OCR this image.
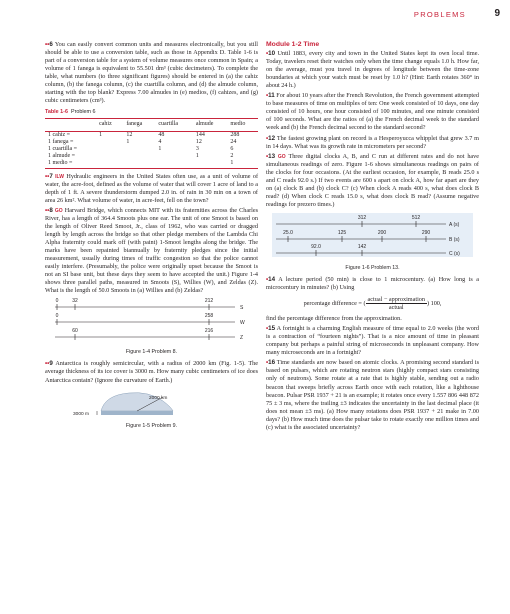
PROBLEMS	9
••6 You can easily convert common units and measures electronically, but you still should be able to use a conversion table, such as those in Appendix D. Table 1-6 is part of a conversion table for a system of volume measures once common in Spain; a volume of 1 fanega is equivalent to 55.501 dm³ (cubic decimeters). To complete the table, what numbers (to three significant figures) should be entered in (a) the cahiz column, (b) the fanega column, (c) the cuartilla column, and (d) the almude column, starting with the top blank? Express 7.00 almudes in (e) medios, (f) cahizes, and (g) cubic centimeters (cm³).
Table 1-6 Problem 6
	cahiz	fanega	cuartilla	almude	medio
1 cahiz =	1	12	48	144	288
1 fanega =		1	4	12	24
1 cuartilla =			1	3	6
1 almude =				1	2
1 medio =					1
••7 ILW Hydraulic engineers in the United States often use, as a unit of volume of water, the acre-foot, defined as the volume of water that will cover 1 acre of land to a depth of 1 ft. A severe thunderstorm dumped 2.0 in. of rain in 30 min on a town of area 26 km². What volume of water, in acre-feet, fell on the town?
••8 GO Harvard Bridge, which connects MIT with its fraternities across the Charles River, has a length of 364.4 Smoots plus one ear. The unit of one Smoot is based on the length of Oliver Reed Smoot, Jr., class of 1962, who was carried or dragged length by length across the bridge so that other pledge members of the Lambda Chi Alpha fraternity could mark off (with paint) 1-Smoot lengths along the bridge. The marks have been repainted biannually by fraternity pledges since the initial measurement, usually during times of traffic congestion so that the police cannot easily interfere. (Presumably, the police were originally upset because the Smoot is not an SI base unit, but these days they seem to have accepted the unit.) Figure 1-4 shows three parallel paths, measured in Smoots (S), Willies (W), and Zeldas (Z). What is the length of 50.0 Smoots in (a) Willies and (b) Zeldas?
0	32	212
S
0	258
W
60	216
Z
Figure 1-4 Problem 8.
••9 Antarctica is roughly semicircular, with a radius of 2000 km (Fig. 1-5). The average thickness of its ice cover is 3000 m. How many cubic centimeters of ice does Antarctica contain? (Ignore the curvature of Earth.)
2000 km
3000 m
Figure 1-5 Problem 9.
Module 1-2 Time
•10 Until 1883, every city and town in the United States kept its own local time. Today, travelers reset their watches only when the time change equals 1.0 h. How far, on the average, must you travel in degrees of longitude between the time-zone boundaries at which your watch must be reset by 1.0 h? (Hint: Earth rotates 360° in about 24 h.)
•11 For about 10 years after the French Revolution, the French government attempted to base measures of time on multiples of ten: One week consisted of 10 days, one day consisted of 10 hours, one hour consisted of 100 minutes, and one minute consisted of 100 seconds. What are the ratios of (a) the French decimal week to the standard week and (b) the French decimal second to the standard second?
•12 The fastest growing plant on record is a Hesperoyucca whipplei that grew 3.7 m in 14 days. What was its growth rate in micrometers per second?
•13 GO Three digital clocks A, B, and C run at different rates and do not have simultaneous readings of zero. Figure 1-6 shows simultaneous readings on pairs of the clocks for four occasions. (At the earliest occasion, for example, B reads 25.0 s and C reads 92.0 s.) If two events are 600 s apart on clock A, how far apart are they on (a) clock B and (b) clock C? (c) When clock A reads 400 s, what does clock B read? (d) When clock C reads 15.0 s, what does clock B read? (Assume negative readings for prezero times.)
312	512
A (s)
25.0	125	200	290
B (s)
92.0	142
C (s)
Figure 1-6 Problem 13.
•14 A lecture period (50 min) is close to 1 microcentury. (a) How long is a microcentury in minutes? (b) Using
percentage difference = ( $\frac{\text{actual − approximation}}{\text{actual}}$ ) 100,
find the percentage difference from the approximation.
•15 A fortnight is a charming English measure of time equal to 2.0 weeks (the word is a contraction of “fourteen nights”). That is a nice amount of time in pleasant company but perhaps a painful string of microseconds in unpleasant company. How many microseconds are in a fortnight?
•16 Time standards are now based on atomic clocks. A promising second standard is based on pulsars, which are rotating neutron stars (highly compact stars consisting only of neutrons). Some rotate at a rate that is highly stable, sending out a radio beacon that sweeps briefly across Earth once with each rotation, like a lighthouse beacon. Pulsar PSR 1937 + 21 is an example; it rotates once every 1.557 806 448 872 75 ± 3 ms, where the trailing ±3 indicates the uncertainty in the last decimal place (it does not mean ±3 ms). (a) How many rotations does PSR 1937 + 21 make in 7.00 days? (b) How much time does the pulsar take to rotate exactly one million times and (c) what is the associated uncertainty?
